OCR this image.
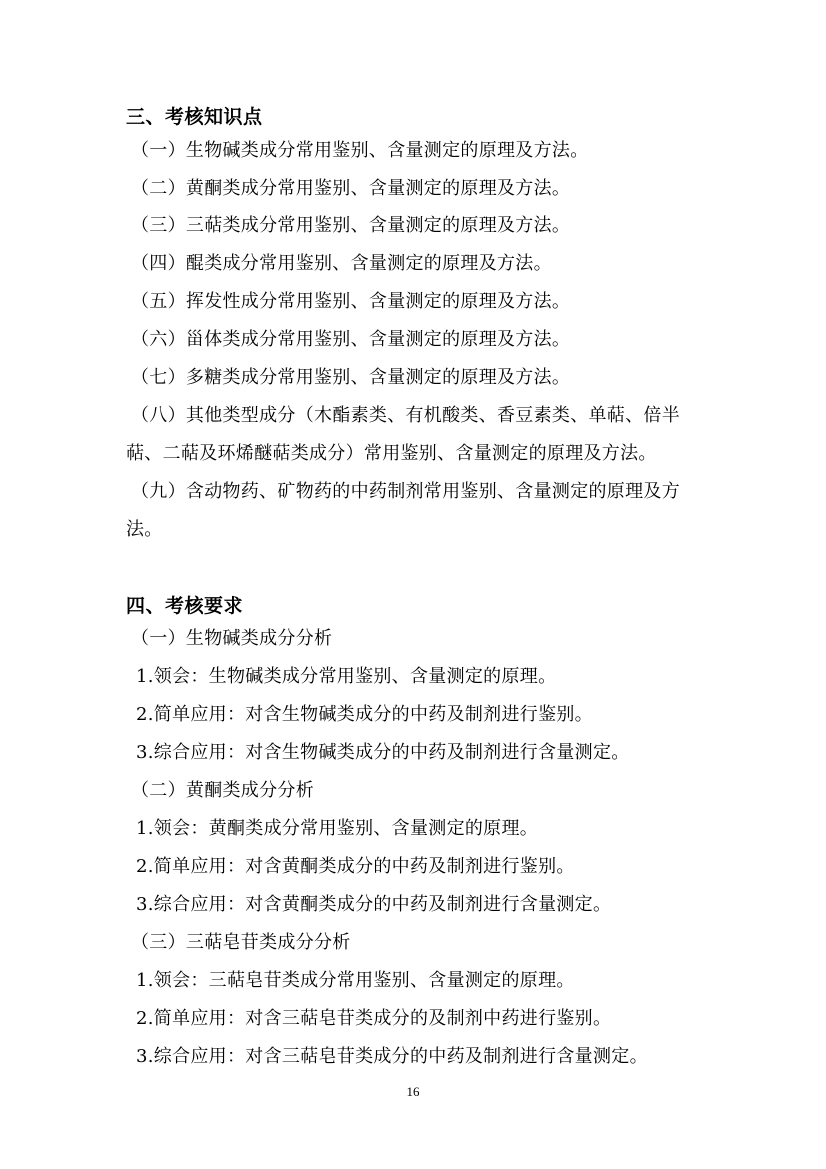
三、考核知识点
（一）生物碱类成分常用鉴别、含量测定的原理及方法。
（二）黄酮类成分常用鉴别、含量测定的原理及方法。
（三）三萜类成分常用鉴别、含量测定的原理及方法。
（四）醌类成分常用鉴别、含量测定的原理及方法。
（五）挥发性成分常用鉴别、含量测定的原理及方法。
（六）甾体类成分常用鉴别、含量测定的原理及方法。
（七）多糖类成分常用鉴别、含量测定的原理及方法。
（八）其他类型成分（木酯素类、有机酸类、香豆素类、单萜、倍半
萜、二萜及环烯醚萜类成分）常用鉴别、含量测定的原理及方法。
（九）含动物药、矿物药的中药制剂常用鉴别、含量测定的原理及方
法。
四、考核要求
（一）生物碱类成分分析
1.领会：生物碱类成分常用鉴别、含量测定的原理。
2.简单应用：对含生物碱类成分的中药及制剂进行鉴别。
3.综合应用：对含生物碱类成分的中药及制剂进行含量测定。
（二）黄酮类成分分析
1.领会：黄酮类成分常用鉴别、含量测定的原理。
2.简单应用：对含黄酮类成分的中药及制剂进行鉴别。
3.综合应用：对含黄酮类成分的中药及制剂进行含量测定。
（三）三萜皂苷类成分分析
1.领会：三萜皂苷类成分常用鉴别、含量测定的原理。
2.简单应用：对含三萜皂苷类成分的及制剂中药进行鉴别。
3.综合应用：对含三萜皂苷类成分的中药及制剂进行含量测定。
16
